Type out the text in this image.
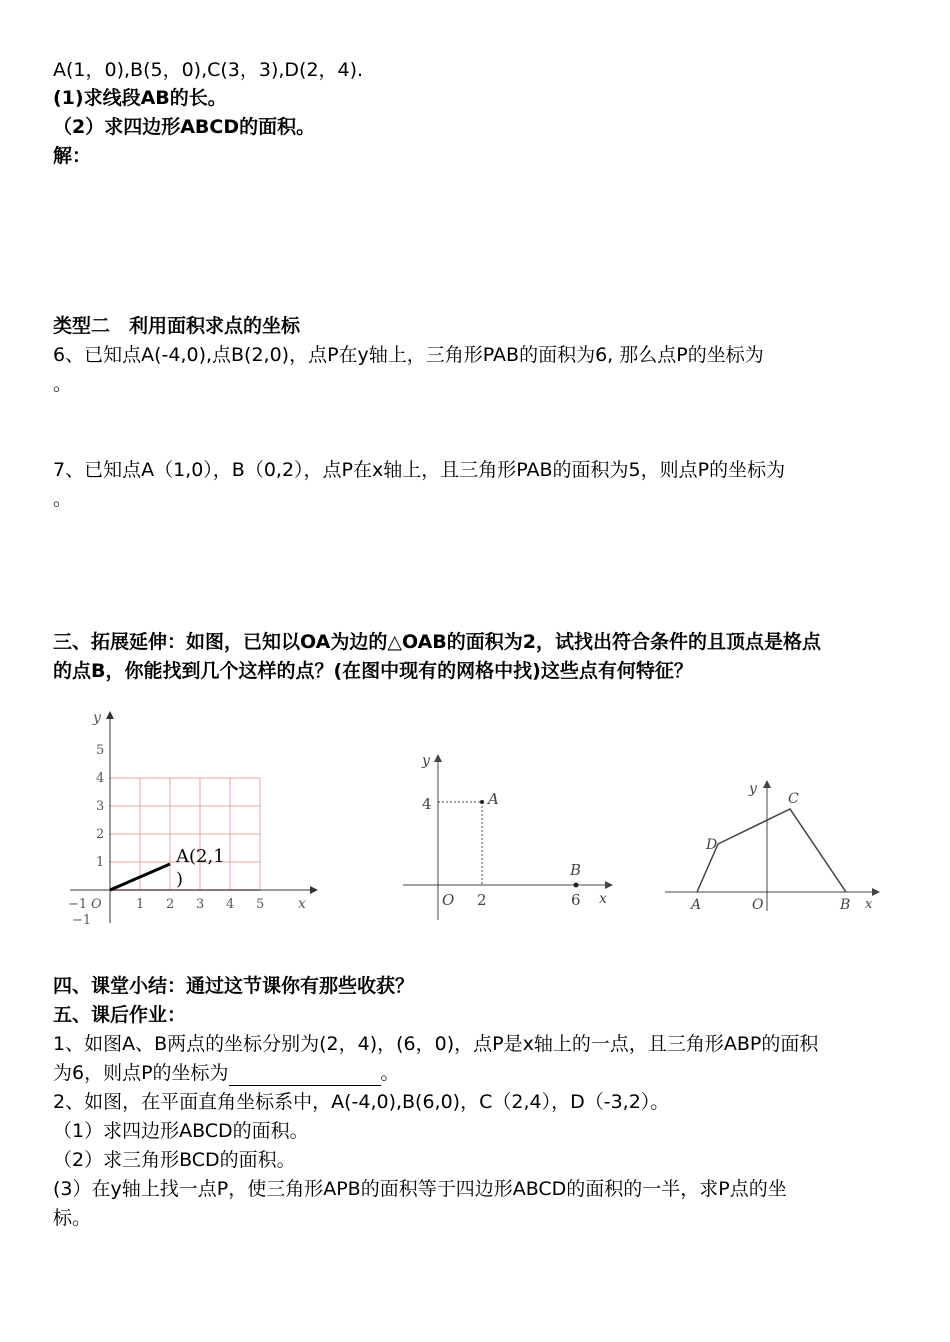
A(1，0),B(5，0),C(3，3),D(2，4).
(1)求线段AB的长。
（2）求四边形ABCD的面积。
解：
类型二　利用面积求点的坐标
6、已知点A(-4,0),点B(2,0)，点P在y轴上，三角形PAB的面积为6, 那么点P的坐标为
。
7、已知点A（1,0），B（0,2），点P在x轴上，且三角形PAB的面积为5，则点P的坐标为
。
三、拓展延伸：如图，已知以OA为边的△OAB的面积为2，试找出符合条件的且顶点是格点
的点B，你能找到几个这样的点？(在图中现有的网格中找)这些点有何特征？
y
x
5
4
3
2
1
1 2 3 4 5
−1 O
−1
A(2,1
)
y
4	A
B
O 2	6 x
y
C
D
A	O	B x
四、课堂小结：通过这节课你有那些收获？
五、课后作业：
1、如图A、B两点的坐标分别为(2，4)，(6，0)，点P是x轴上的一点，且三角形ABP的面积
为6，则点P的坐标为	。
2、如图，在平面直角坐标系中，A(-4,0),B(6,0)，C（2,4），D（-3,2）。
（1）求四边形ABCD的面积。
（2）求三角形BCD的面积。
(3）在y轴上找一点P，使三角形APB的面积等于四边形ABCD的面积的一半，求P点的坐
标。
